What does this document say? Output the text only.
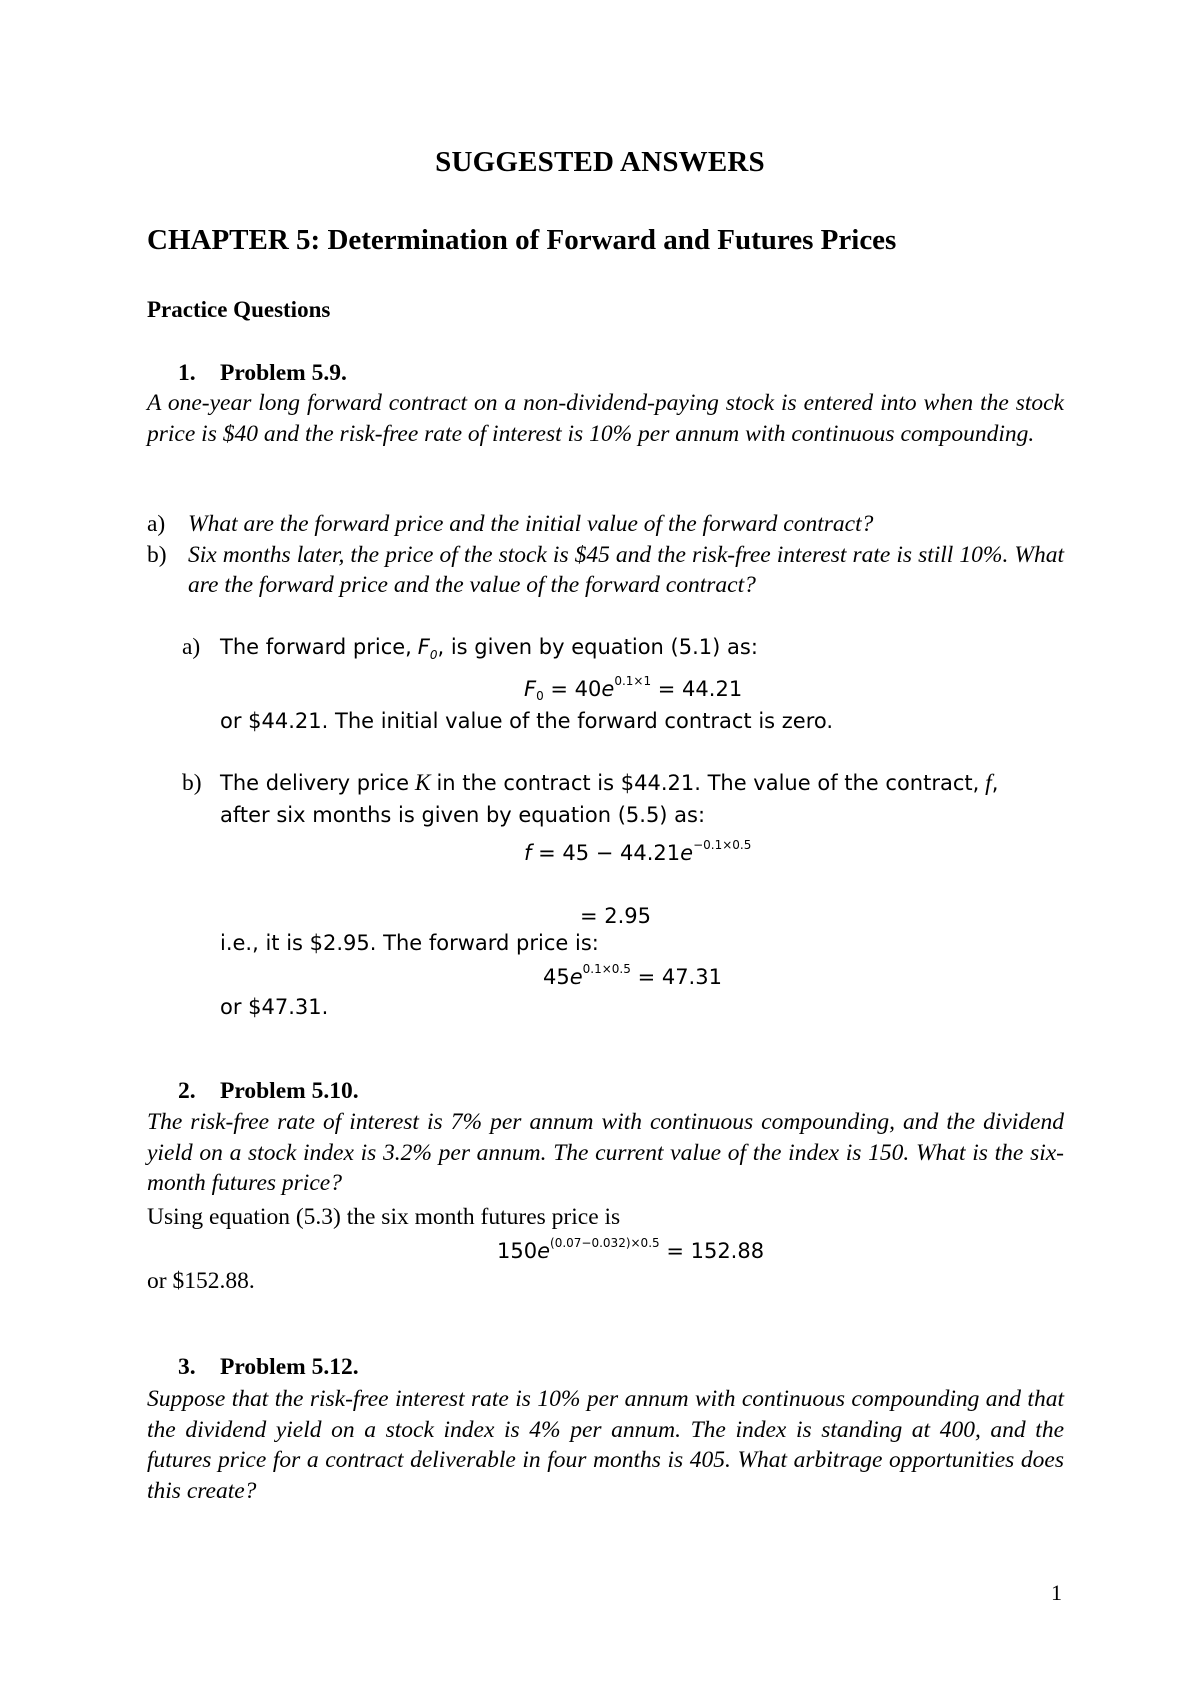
SUGGESTED ANSWERS
CHAPTER 5: Determination of Forward and Futures Prices
Practice Questions
1. Problem 5.9.
A one-year long forward contract on a non-dividend-paying stock is entered into when the stock price is $40 and the risk-free rate of interest is 10% per annum with continuous compounding.
a) What are the forward price and the initial value of the forward contract?
b) Six months later, the price of the stock is $45 and the risk-free interest rate is still 10%. What are the forward price and the value of the forward contract?
a) The forward price, $F_0$, is given by equation (5.1) as:
$F_0 = 40e^{0.1\times 1} = 44.21$
or $44.21. The initial value of the forward contract is zero.
b) The delivery price K in the contract is $44.21. The value of the contract, f,
after six months is given by equation (5.5) as:
$f = 45 - 44.21e^{-0.1\times 0.5}$
= 2.95
i.e., it is $2.95. The forward price is:
$45e^{0.1\times 0.5} = 47.31$
or $47.31.
2. Problem 5.10.
The risk-free rate of interest is 7% per annum with continuous compounding, and the dividend yield on a stock index is 3.2% per annum. The current value of the index is 150. What is the six-month futures price?
Using equation (5.3) the six month futures price is
$150e^{(0.07-0.032)\times 0.5} = 152.88$
or $152.88.
3. Problem 5.12.
Suppose that the risk-free interest rate is 10% per annum with continuous compounding and that the dividend yield on a stock index is 4% per annum. The index is standing at 400, and the futures price for a contract deliverable in four months is 405. What arbitrage opportunities does this create?
1
